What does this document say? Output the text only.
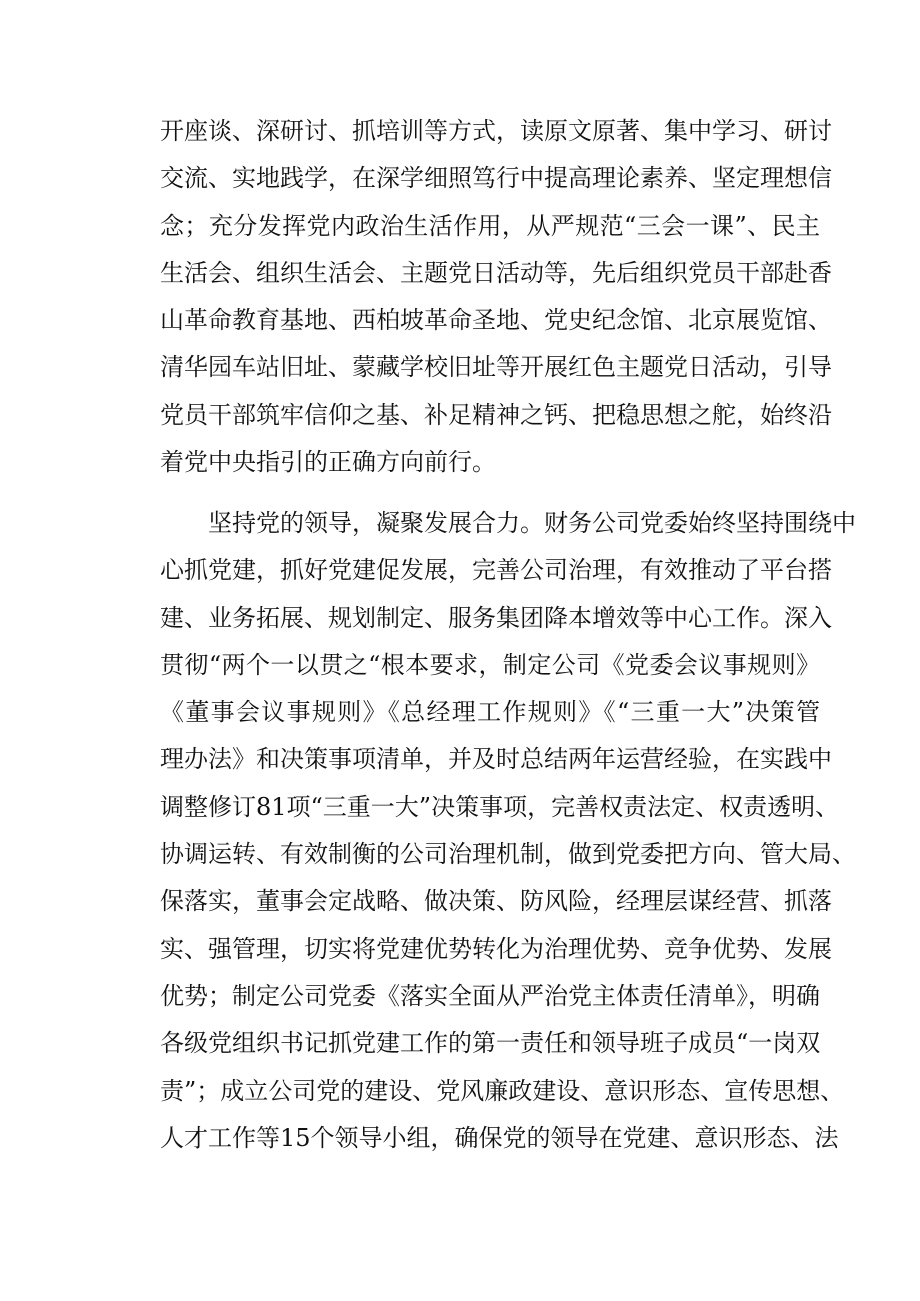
开座谈、深研讨、抓培训等方式，读原文原著、集中学习、研讨
交流、实地践学，在深学细照笃行中提高理论素养、坚定理想信
念；充分发挥党内政治生活作用，从严规范“三会一课”、民主
生活会、组织生活会、主题党日活动等，先后组织党员干部赴香
山革命教育基地、西柏坡革命圣地、党史纪念馆、北京展览馆、
清华园车站旧址、蒙藏学校旧址等开展红色主题党日活动，引导
党员干部筑牢信仰之基、补足精神之钙、把稳思想之舵，始终沿
着党中央指引的正确方向前行。
坚持党的领导，凝聚发展合力。财务公司党委始终坚持围绕中
心抓党建，抓好党建促发展，完善公司治理，有效推动了平台搭
建、业务拓展、规划制定、服务集团降本增效等中心工作。深入
贯彻“两个一以贯之“根本要求，制定公司《党委会议事规则》
《董事会议事规则》《总经理工作规则》《“三重一大”决策管
理办法》和决策事项清单，并及时总结两年运营经验，在实践中
调整修订81项“三重一大”决策事项，完善权责法定、权责透明、
协调运转、有效制衡的公司治理机制，做到党委把方向、管大局、
保落实，董事会定战略、做决策、防风险，经理层谋经营、抓落
实、强管理，切实将党建优势转化为治理优势、竞争优势、发展
优势；制定公司党委《落实全面从严治党主体责任清单》，明确
各级党组织书记抓党建工作的第一责任和领导班子成员“一岗双
责”；成立公司党的建设、党风廉政建设、意识形态、宣传思想、
人才工作等15个领导小组，确保党的领导在党建、意识形态、法
